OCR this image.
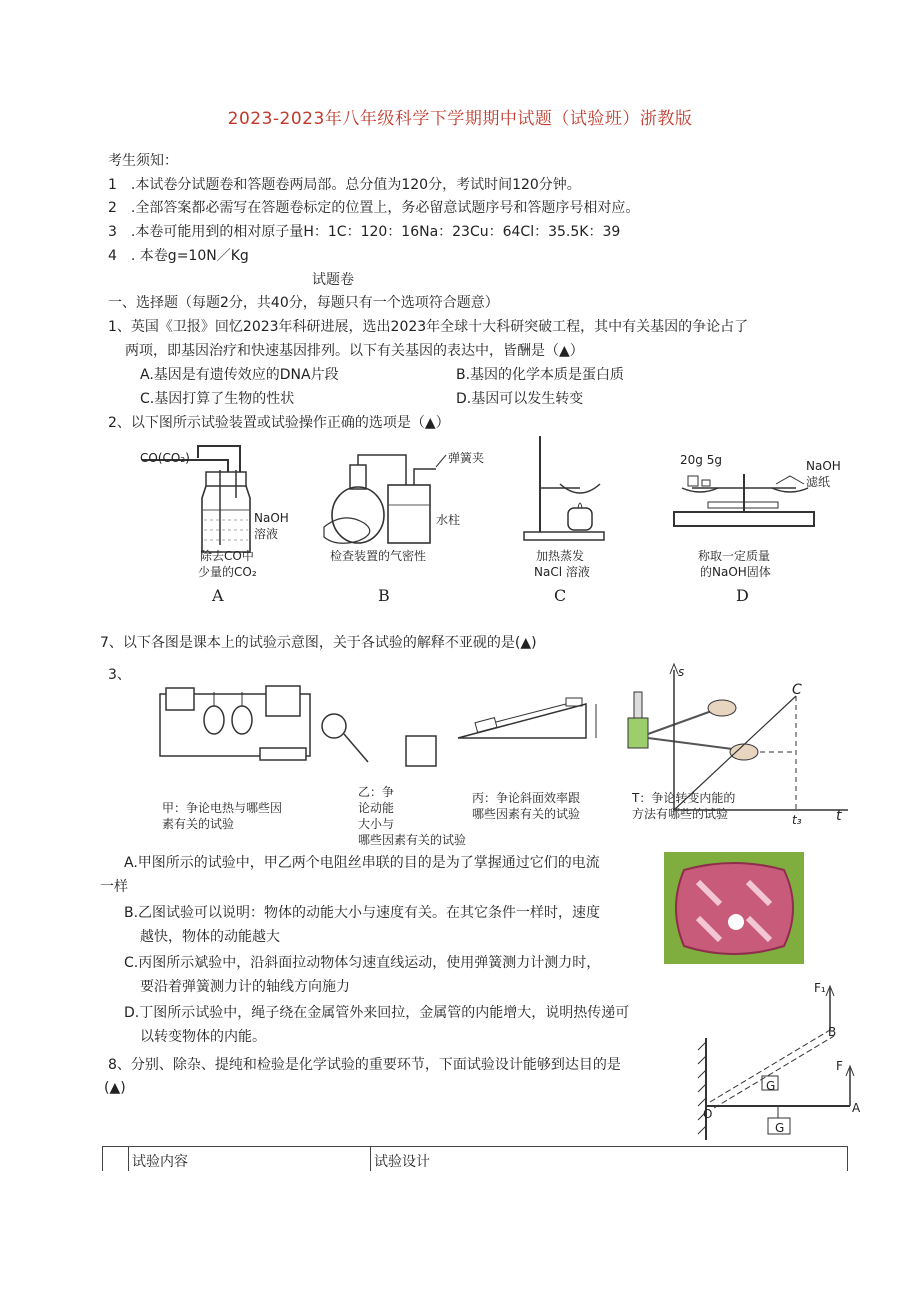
2023-2023年八年级科学下学期期中试题（试验班）浙教版
考生须知：
1　.本试卷分试题卷和答题卷两局部。总分值为120分，考试时间120分钟。
2　.全部答案都必需写在答题卷标定的位置上，务必留意试题序号和答题序号相对应。
3　.本卷可能用到的相对原子量H：1C：120：16Na：23Cu：64Cl：35.5K：39
4　. 本卷g=10N／Kg
试题卷
一、选择题（每题2分，共40分，每题只有一个选项符合题意）
1、英国《卫报》回忆2023年科研进展，选出2023年全球十大科研突破工程，其中有关基因的争论占了
两项，即基因治疗和快速基因排列。以下有关基因的表达中，皆酬是（▲）
A.基因是有遗传效应的DNA片段	B.基因的化学本质是蛋白质
C.基因打算了生物的性状	D.基因可以发生转变
2、以下图所示试验装置或试验操作正确的选项是（▲）
CO(CO₂)
NaOH
溶液
除去CO中
少量的CO₂
A
弹簧夹
水柱
检查装置的气密性
B
加热蒸发
NaCl 溶液
C
20g 5g	NaOH
滤纸
称取一定质量
的NaOH固体
D
7、以下各图是课本上的试验示意图，关于各试验的解释不亚砚的是(▲)
3、
甲：争论电热与哪些因
素有关的试验
乙：争
论动能
大小与
哪些因素有关的试验
丙：争论斜面效率跟
哪些因素有关的试验
T：争论转变内能的
方法有哪些的试验
s
C
t
t₃
A.甲图所示的试验中，甲乙两个电阻丝串联的目的是为了掌握通过它们的电流
一样
B.乙图试验可以说明：物体的动能大小与速度有关。在其它条件一样时，速度
越快，物体的动能越大
C.丙图所示斌验中，沿斜面拉动物体匀速直线运动，使用弹簧测力计测力时，
要沿着弹簧测力计的轴线方向施力
D.丁图所示试验中，绳子绕在金属管外来回拉，金属管的内能增大，说明热传递可
以转变物体的内能。
F₁
F
B
A
O
G
G
8、分别、除杂、提纯和检验是化学试验的重要环节，下面试验设计能够到达目的是
(▲)
试验内容	试验设计
